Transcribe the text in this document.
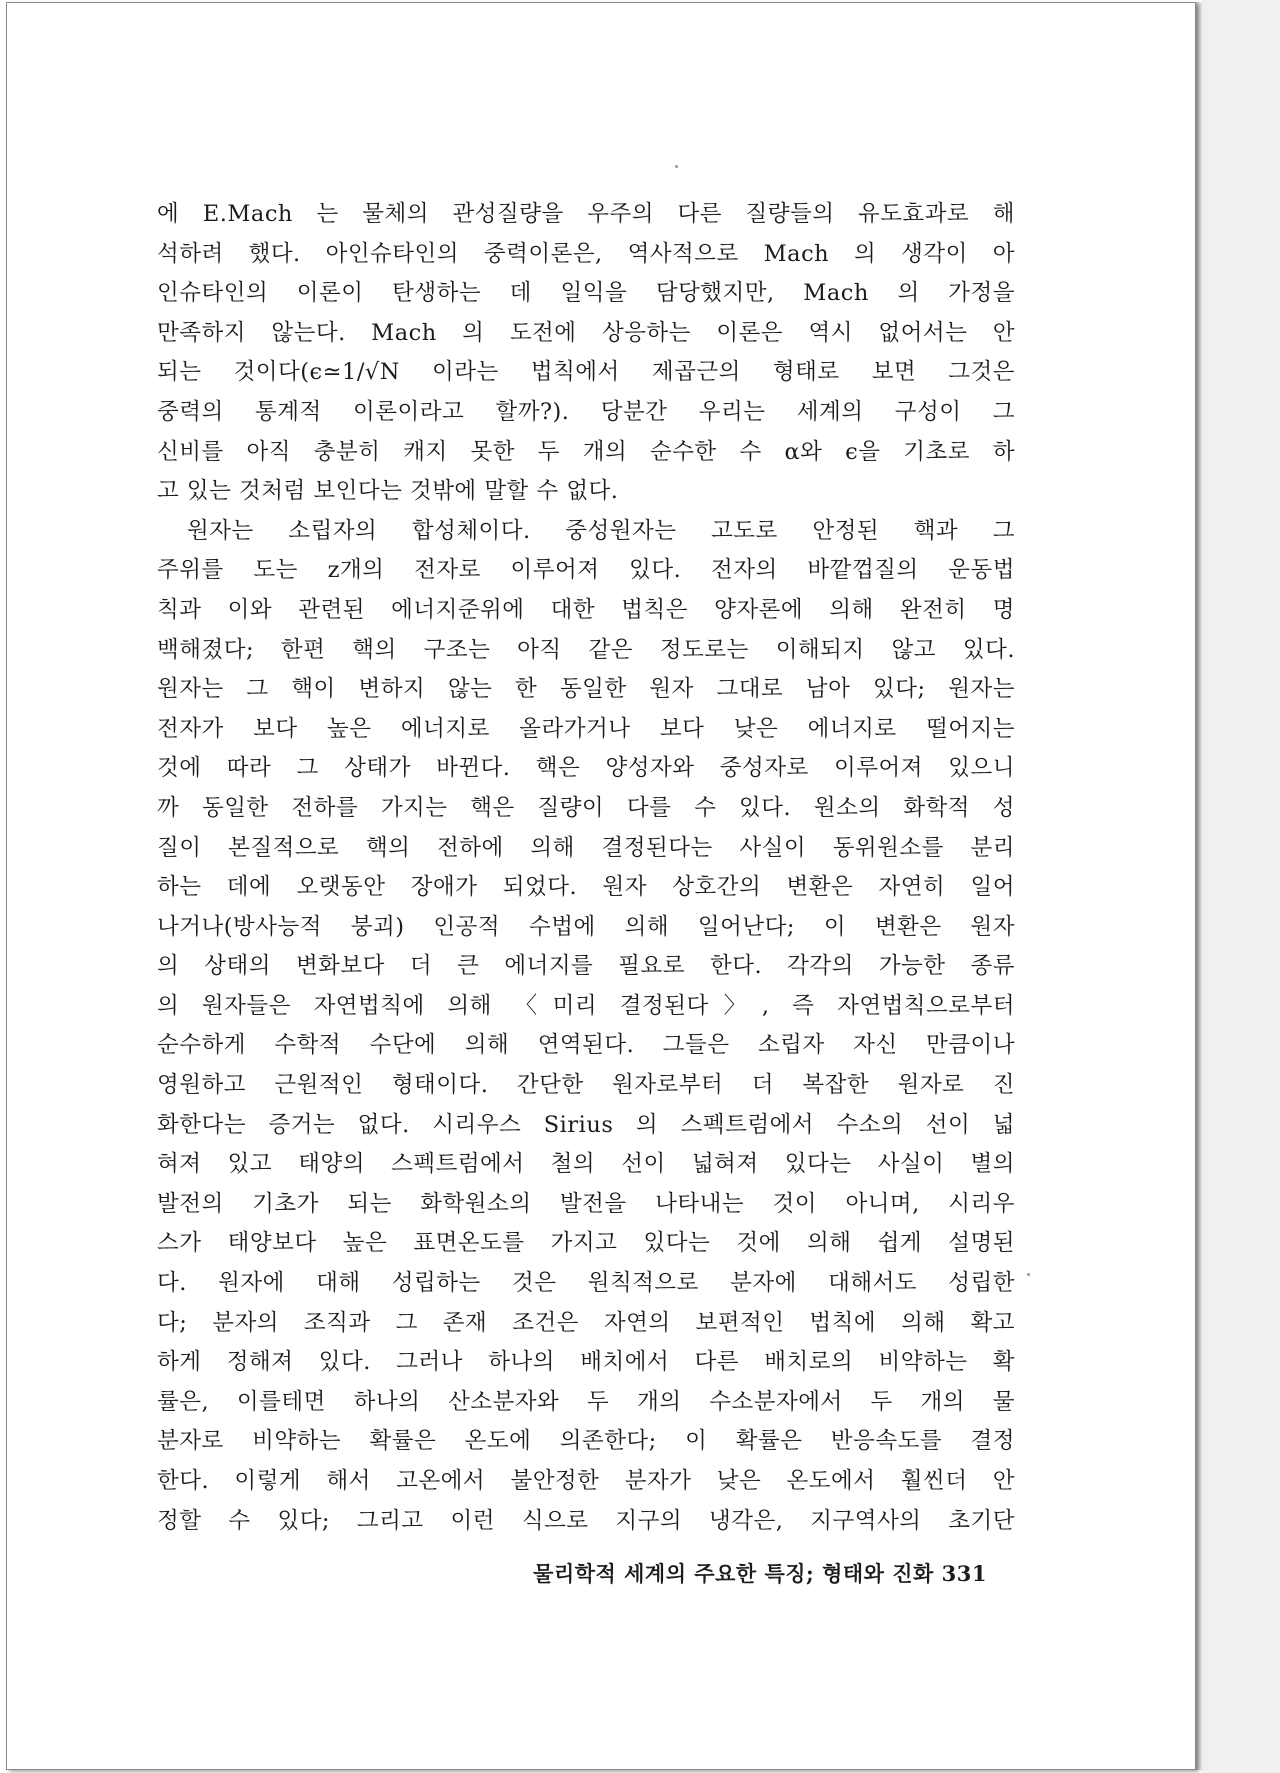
에 E.Mach 는 물체의 관성질량을 우주의 다른 질량들의 유도효과로 해
석하려 했다. 아인슈타인의 중력이론은, 역사적으로 Mach 의 생각이 아
인슈타인의 이론이 탄생하는 데 일익을 담당했지만, Mach 의 가정을
만족하지 않는다. Mach 의 도전에 상응하는 이론은 역시 없어서는 안
되는 것이다(ϵ≃1/√N 이라는 법칙에서 제곱근의 형태로 보면 그것은
중력의 통계적 이론이라고 할까?). 당분간 우리는 세계의 구성이 그
신비를 아직 충분히 캐지 못한 두 개의 순수한 수 α와 ϵ을 기초로 하
고 있는 것처럼 보인다는 것밖에 말할 수 없다.
원자는 소립자의 합성체이다. 중성원자는 고도로 안정된 핵과 그
주위를 도는 z개의 전자로 이루어져 있다. 전자의 바깥껍질의 운동법
칙과 이와 관련된 에너지준위에 대한 법칙은 양자론에 의해 완전히 명
백해졌다; 한편 핵의 구조는 아직 같은 정도로는 이해되지 않고 있다.
원자는 그 핵이 변하지 않는 한 동일한 원자 그대로 남아 있다; 원자는
전자가 보다 높은 에너지로 올라가거나 보다 낮은 에너지로 떨어지는
것에 따라 그 상태가 바뀐다. 핵은 양성자와 중성자로 이루어져 있으니
까 동일한 전하를 가지는 핵은 질량이 다를 수 있다. 원소의 화학적 성
질이 본질적으로 핵의 전하에 의해 결정된다는 사실이 동위원소를 분리
하는 데에 오랫동안 장애가 되었다. 원자 상호간의 변환은 자연히 일어
나거나(방사능적 붕괴) 인공적 수법에 의해 일어난다; 이 변환은 원자
의 상태의 변화보다 더 큰 에너지를 필요로 한다. 각각의 가능한 종류
의 원자들은 자연법칙에 의해 〈미리 결정된다〉, 즉 자연법칙으로부터
순수하게 수학적 수단에 의해 연역된다. 그들은 소립자 자신 만큼이나
영원하고 근원적인 형태이다. 간단한 원자로부터 더 복잡한 원자로 진
화한다는 증거는 없다. 시리우스 Sirius 의 스펙트럼에서 수소의 선이 넓
혀져 있고 태양의 스펙트럼에서 철의 선이 넓혀져 있다는 사실이 별의
발전의 기초가 되는 화학원소의 발전을 나타내는 것이 아니며, 시리우
스가 태양보다 높은 표면온도를 가지고 있다는 것에 의해 쉽게 설명된
다. 원자에 대해 성립하는 것은 원칙적으로 분자에 대해서도 성립한
다; 분자의 조직과 그 존재 조건은 자연의 보편적인 법칙에 의해 확고
하게 정해져 있다. 그러나 하나의 배치에서 다른 배치로의 비약하는 확
률은, 이를테면 하나의 산소분자와 두 개의 수소분자에서 두 개의 물
분자로 비약하는 확률은 온도에 의존한다; 이 확률은 반응속도를 결정
한다. 이렇게 해서 고온에서 불안정한 분자가 낮은 온도에서 훨씬더 안
정할 수 있다; 그리고 이런 식으로 지구의 냉각은, 지구역사의 초기단
물리학적 세계의 주요한 특징; 형태와 진화 331
